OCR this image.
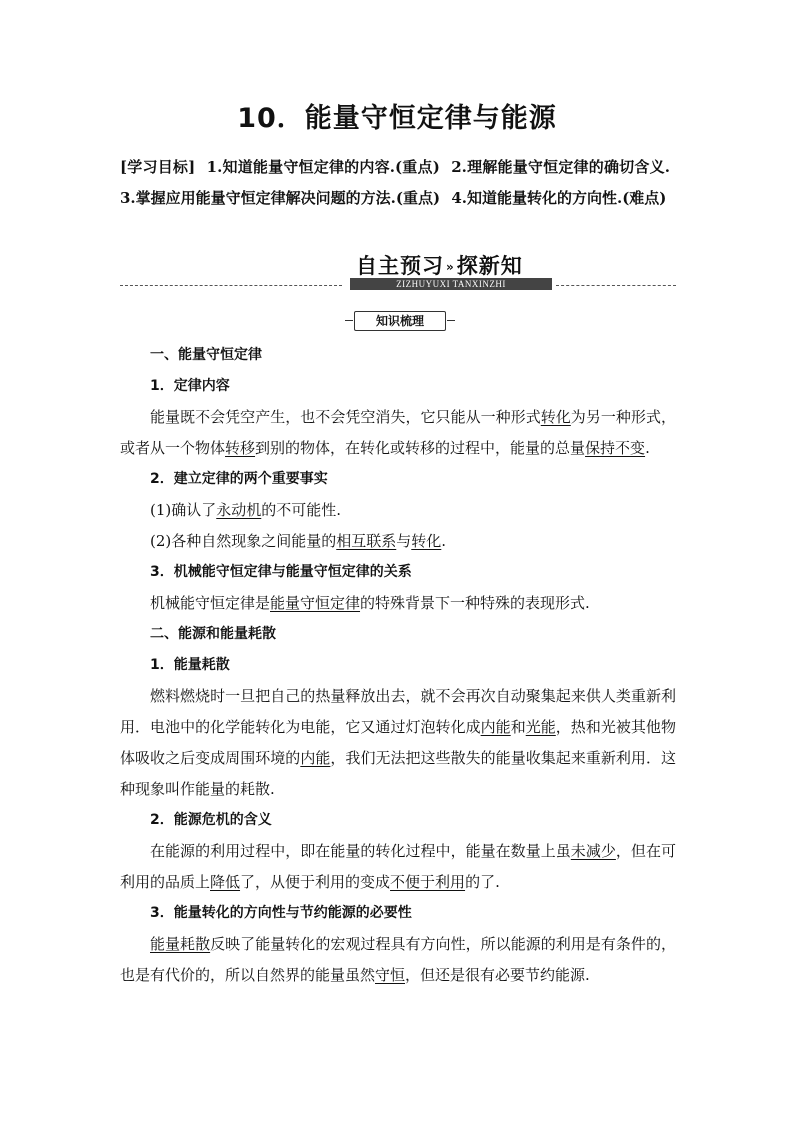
10．能量守恒定律与能源
[学习目标] 1.知道能量守恒定律的内容.(重点) 2.理解能量守恒定律的确切含义. 3.掌握应用能量守恒定律解决问题的方法.(重点) 4.知道能量转化的方向性.(难点)
自主预习 »探新知
ZIZHUYUXI TANXINZHI
知识梳理

一、能量守恒定律

1．定律内容

能量既不会凭空产生，也不会凭空消失，它只能从一种形式转化为另一种形式，或者从一个物体转移到别的物体，在转化或转移的过程中，能量的总量保持不变.

2．建立定律的两个重要事实

(1)确认了永动机的不可能性.

(2)各种自然现象之间能量的相互联系与转化.

3．机械能守恒定律与能量守恒定律的关系

机械能守恒定律是能量守恒定律的特殊背景下一种特殊的表现形式.

二、能源和能量耗散

1．能量耗散

燃料燃烧时一旦把自己的热量释放出去，就不会再次自动聚集起来供人类重新利用．电池中的化学能转化为电能，它又通过灯泡转化成内能和光能，热和光被其他物体吸收之后变成周围环境的内能，我们无法把这些散失的能量收集起来重新利用．这种现象叫作能量的耗散.

2．能源危机的含义

在能源的利用过程中，即在能量的转化过程中，能量在数量上虽未减少，但在可利用的品质上降低了，从便于利用的变成不便于利用的了.

3．能量转化的方向性与节约能源的必要性

能量耗散反映了能量转化的宏观过程具有方向性，所以能源的利用是有条件的，也是有代价的，所以自然界的能量虽然守恒，但还是很有必要节约能源.
